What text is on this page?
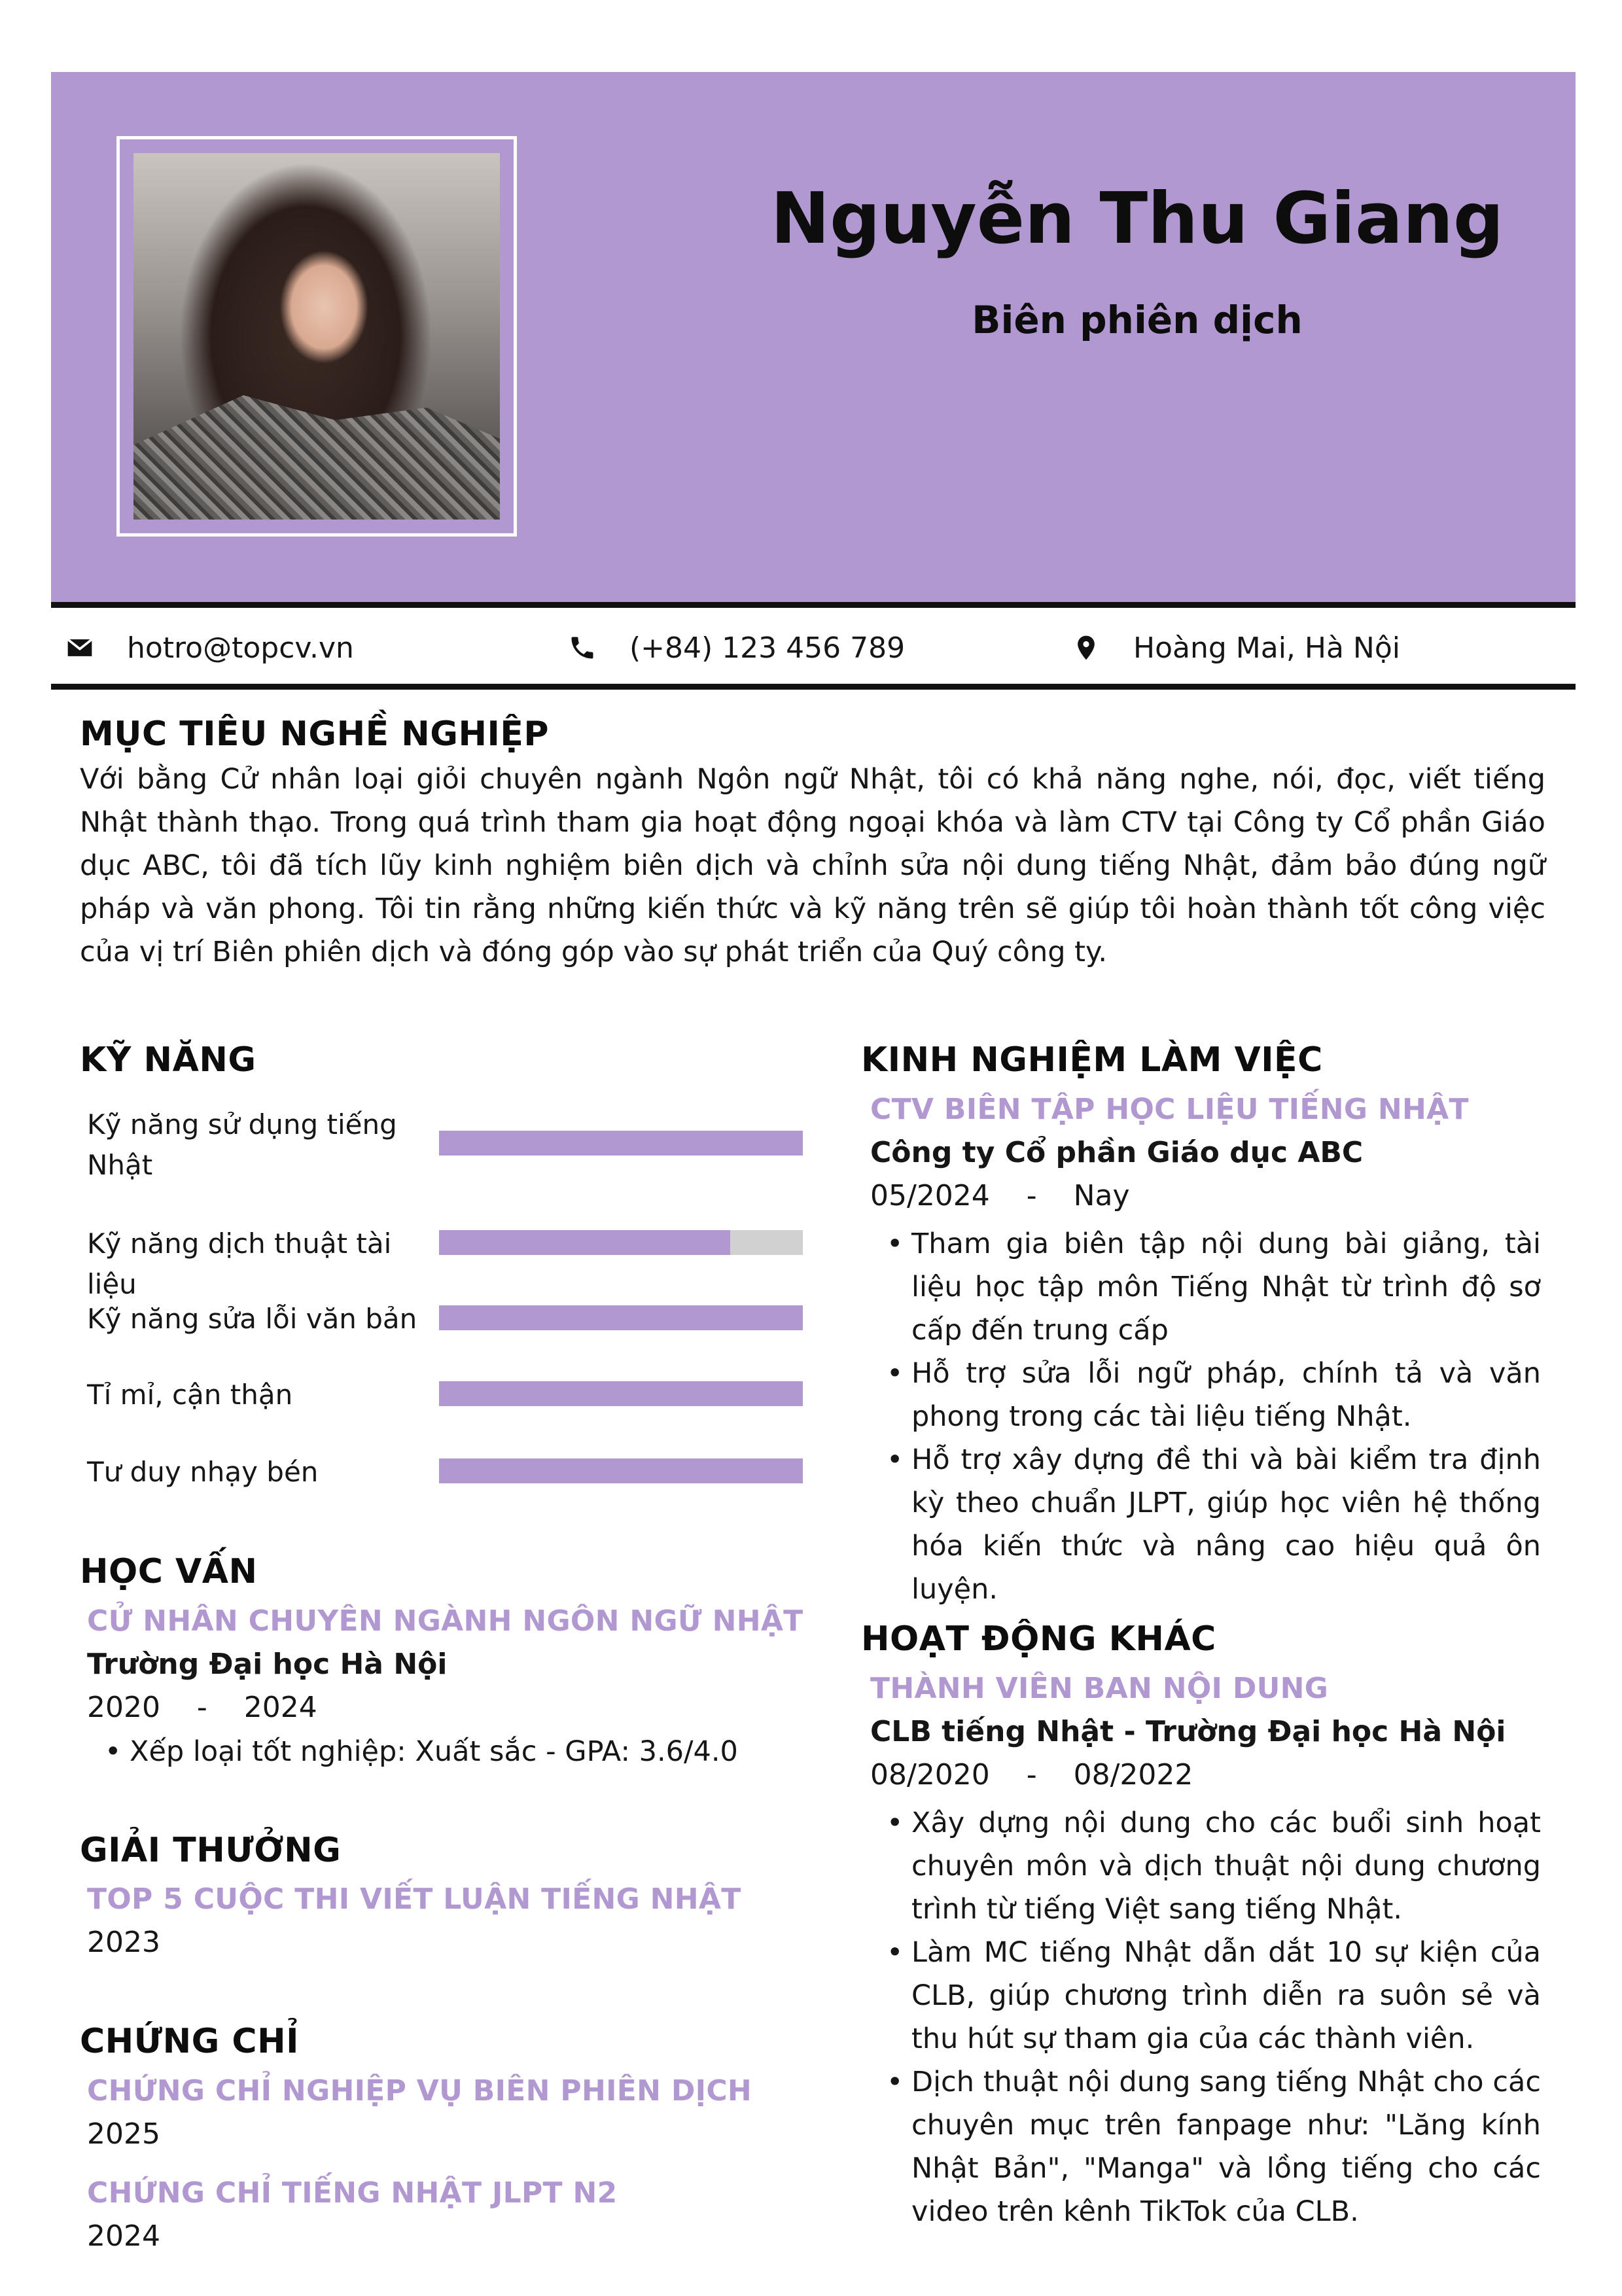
Nguyễn Thu Giang
Biên phiên dịch
hotro@topcv.vn	(+84) 123 456 789	Hoàng Mai, Hà Nội
MỤC TIÊU NGHỀ NGHIỆP

Với bằng Cử nhân loại giỏi chuyên ngành Ngôn ngữ Nhật, tôi có khả năng nghe, nói, đọc, viết tiếng Nhật thành thạo. Trong quá trình tham gia hoạt động ngoại khóa và làm CTV tại Công ty Cổ phần Giáo dục ABC, tôi đã tích lũy kinh nghiệm biên dịch và chỉnh sửa nội dung tiếng Nhật, đảm bảo đúng ngữ pháp và văn phong. Tôi tin rằng những kiến thức và kỹ năng trên sẽ giúp tôi hoàn thành tốt công việc của vị trí Biên phiên dịch và đóng góp vào sự phát triển của Quý công ty.

KỸ NĂNG
Kỹ năng sử dụng tiếng Nhật
Kỹ năng dịch thuật tài liệu
Kỹ năng sửa lỗi văn bản
Tỉ mỉ, cận thận
Tư duy nhạy bén
HỌC VẤN

CỬ NHÂN CHUYÊN NGÀNH NGÔN NGỮ NHẬT

Trường Đại học Hà Nội

2020    -    2024

• Xếp loại tốt nghiệp: Xuất sắc - GPA: 3.6/4.0
GIẢI THƯỞNG

TOP 5 CUỘC THI VIẾT LUẬN TIẾNG NHẬT

2023

CHỨNG CHỈ

CHỨNG CHỈ NGHIỆP VỤ BIÊN PHIÊN DỊCH

2025

CHỨNG CHỈ TIẾNG NHẬT JLPT N2

2024

KINH NGHIỆM LÀM VIỆC

CTV BIÊN TẬP HỌC LIỆU TIẾNG NHẬT

Công ty Cổ phần Giáo dục ABC

05/2024    -    Nay

• Tham gia biên tập nội dung bài giảng, tài liệu học tập môn Tiếng Nhật từ trình độ sơ cấp đến trung cấp
• Hỗ trợ sửa lỗi ngữ pháp, chính tả và văn phong trong các tài liệu tiếng Nhật.
• Hỗ trợ xây dựng đề thi và bài kiểm tra định kỳ theo chuẩn JLPT, giúp học viên hệ thống hóa kiến thức và nâng cao hiệu quả ôn luyện.
HOẠT ĐỘNG KHÁC

THÀNH VIÊN BAN NỘI DUNG

CLB tiếng Nhật - Trường Đại học Hà Nội

08/2020    -    08/2022

• Xây dựng nội dung cho các buổi sinh hoạt chuyên môn và dịch thuật nội dung chương trình từ tiếng Việt sang tiếng Nhật.
• Làm MC tiếng Nhật dẫn dắt 10 sự kiện của CLB, giúp chương trình diễn ra suôn sẻ và thu hút sự tham gia của các thành viên.
• Dịch thuật nội dung sang tiếng Nhật cho các chuyên mục trên fanpage như: "Lăng kính Nhật Bản", "Manga" và lồng tiếng cho các video trên kênh TikTok của CLB.
